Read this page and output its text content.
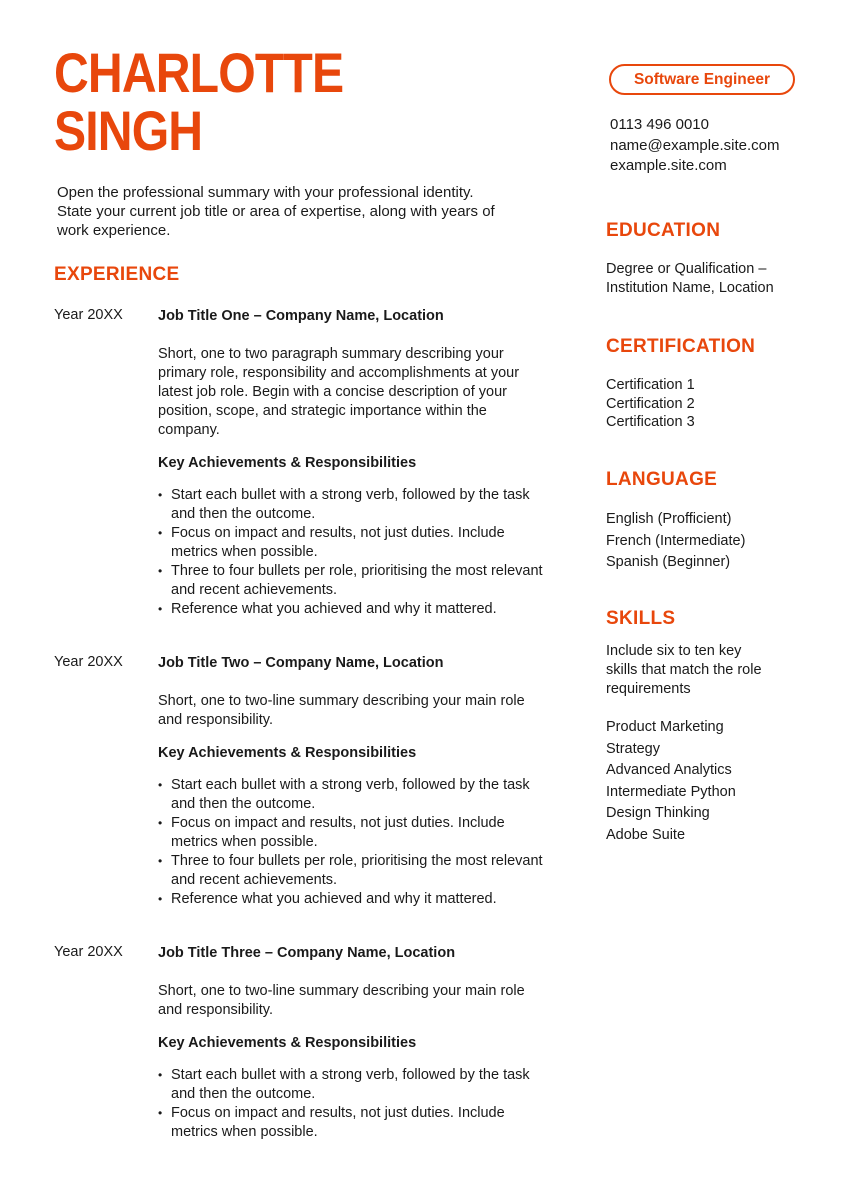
CHARLOTTE
SINGH

Open the professional summary with your professional identity. State your current job title or area of expertise, along with years of work experience.

Software Engineer
0113 496 0010
name@example.site.com
example.site.com
EXPERIENCE
Year 20XX Job Title One – Company Name, Location

Short, one to two paragraph summary describing your primary role, responsibility and accomplishments at your latest job role. Begin with a concise description of your position, scope, and strategic importance within the company.

Key Achievements & Responsibilities
• Start each bullet with a strong verb, followed by the task and then the outcome.
• Focus on impact and results, not just duties. Include metrics when possible.
• Three to four bullets per role, prioritising the most relevant and recent achievements.
• Reference what you achieved and why it mattered.
Year 20XX Job Title Two – Company Name, Location

Short, one to two-line summary describing your main role and responsibility.

Key Achievements & Responsibilities
• Start each bullet with a strong verb, followed by the task and then the outcome.
• Focus on impact and results, not just duties. Include metrics when possible.
• Three to four bullets per role, prioritising the most relevant and recent achievements.
• Reference what you achieved and why it mattered.
Year 20XX Job Title Three – Company Name, Location

Short, one to two-line summary describing your main role and responsibility.

Key Achievements & Responsibilities
• Start each bullet with a strong verb, followed by the task and then the outcome.
• Focus on impact and results, not just duties. Include metrics when possible.
EDUCATION
Degree or Qualification –
Institution Name, Location
CERTIFICATION
Certification 1
Certification 2
Certification 3
LANGUAGE
English (Profficient)
French (Intermediate)
Spanish (Beginner)
SKILLS

Include six to ten key skills that match the role requirements

Product Marketing
Strategy
Advanced Analytics
Intermediate Python
Design Thinking
Adobe Suite
